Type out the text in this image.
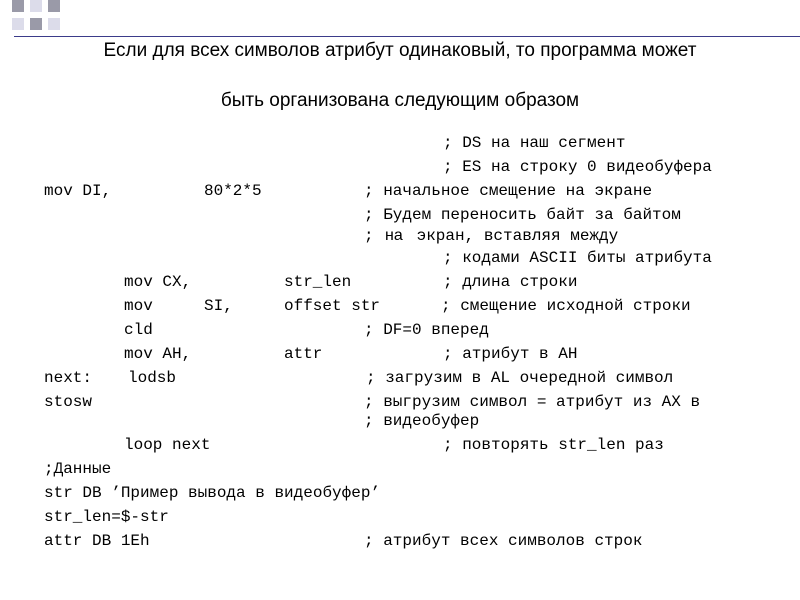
Если для всех символов атрибут одинаковый, то программа может
быть организована следующим образом
; DS на наш сегмент
; ES на строку 0 видеобуфера
mov DI,	80*2*5	; начальное смещение на экране
; Будем переносить байт за байтом
; на экран, вставляя между
; кодами ASCII биты атрибута
mov CX,	str_len	; длина строки
mov	SI,	offset str	; смещение исходной строки
cld	; DF=0 вперед
mov AH,	attr	; атрибут в AH
next: lodsb	; загрузим в AL очередной символ
stosw	; выгрузим символ = атрибут из AX в
; видеобуфер
loop next	; повторять str_len раз
;Данные
str DB ’Пример вывода в видеобуфер’
str_len=$-str
attr DB 1Eh	; атрибут всех символов строк
